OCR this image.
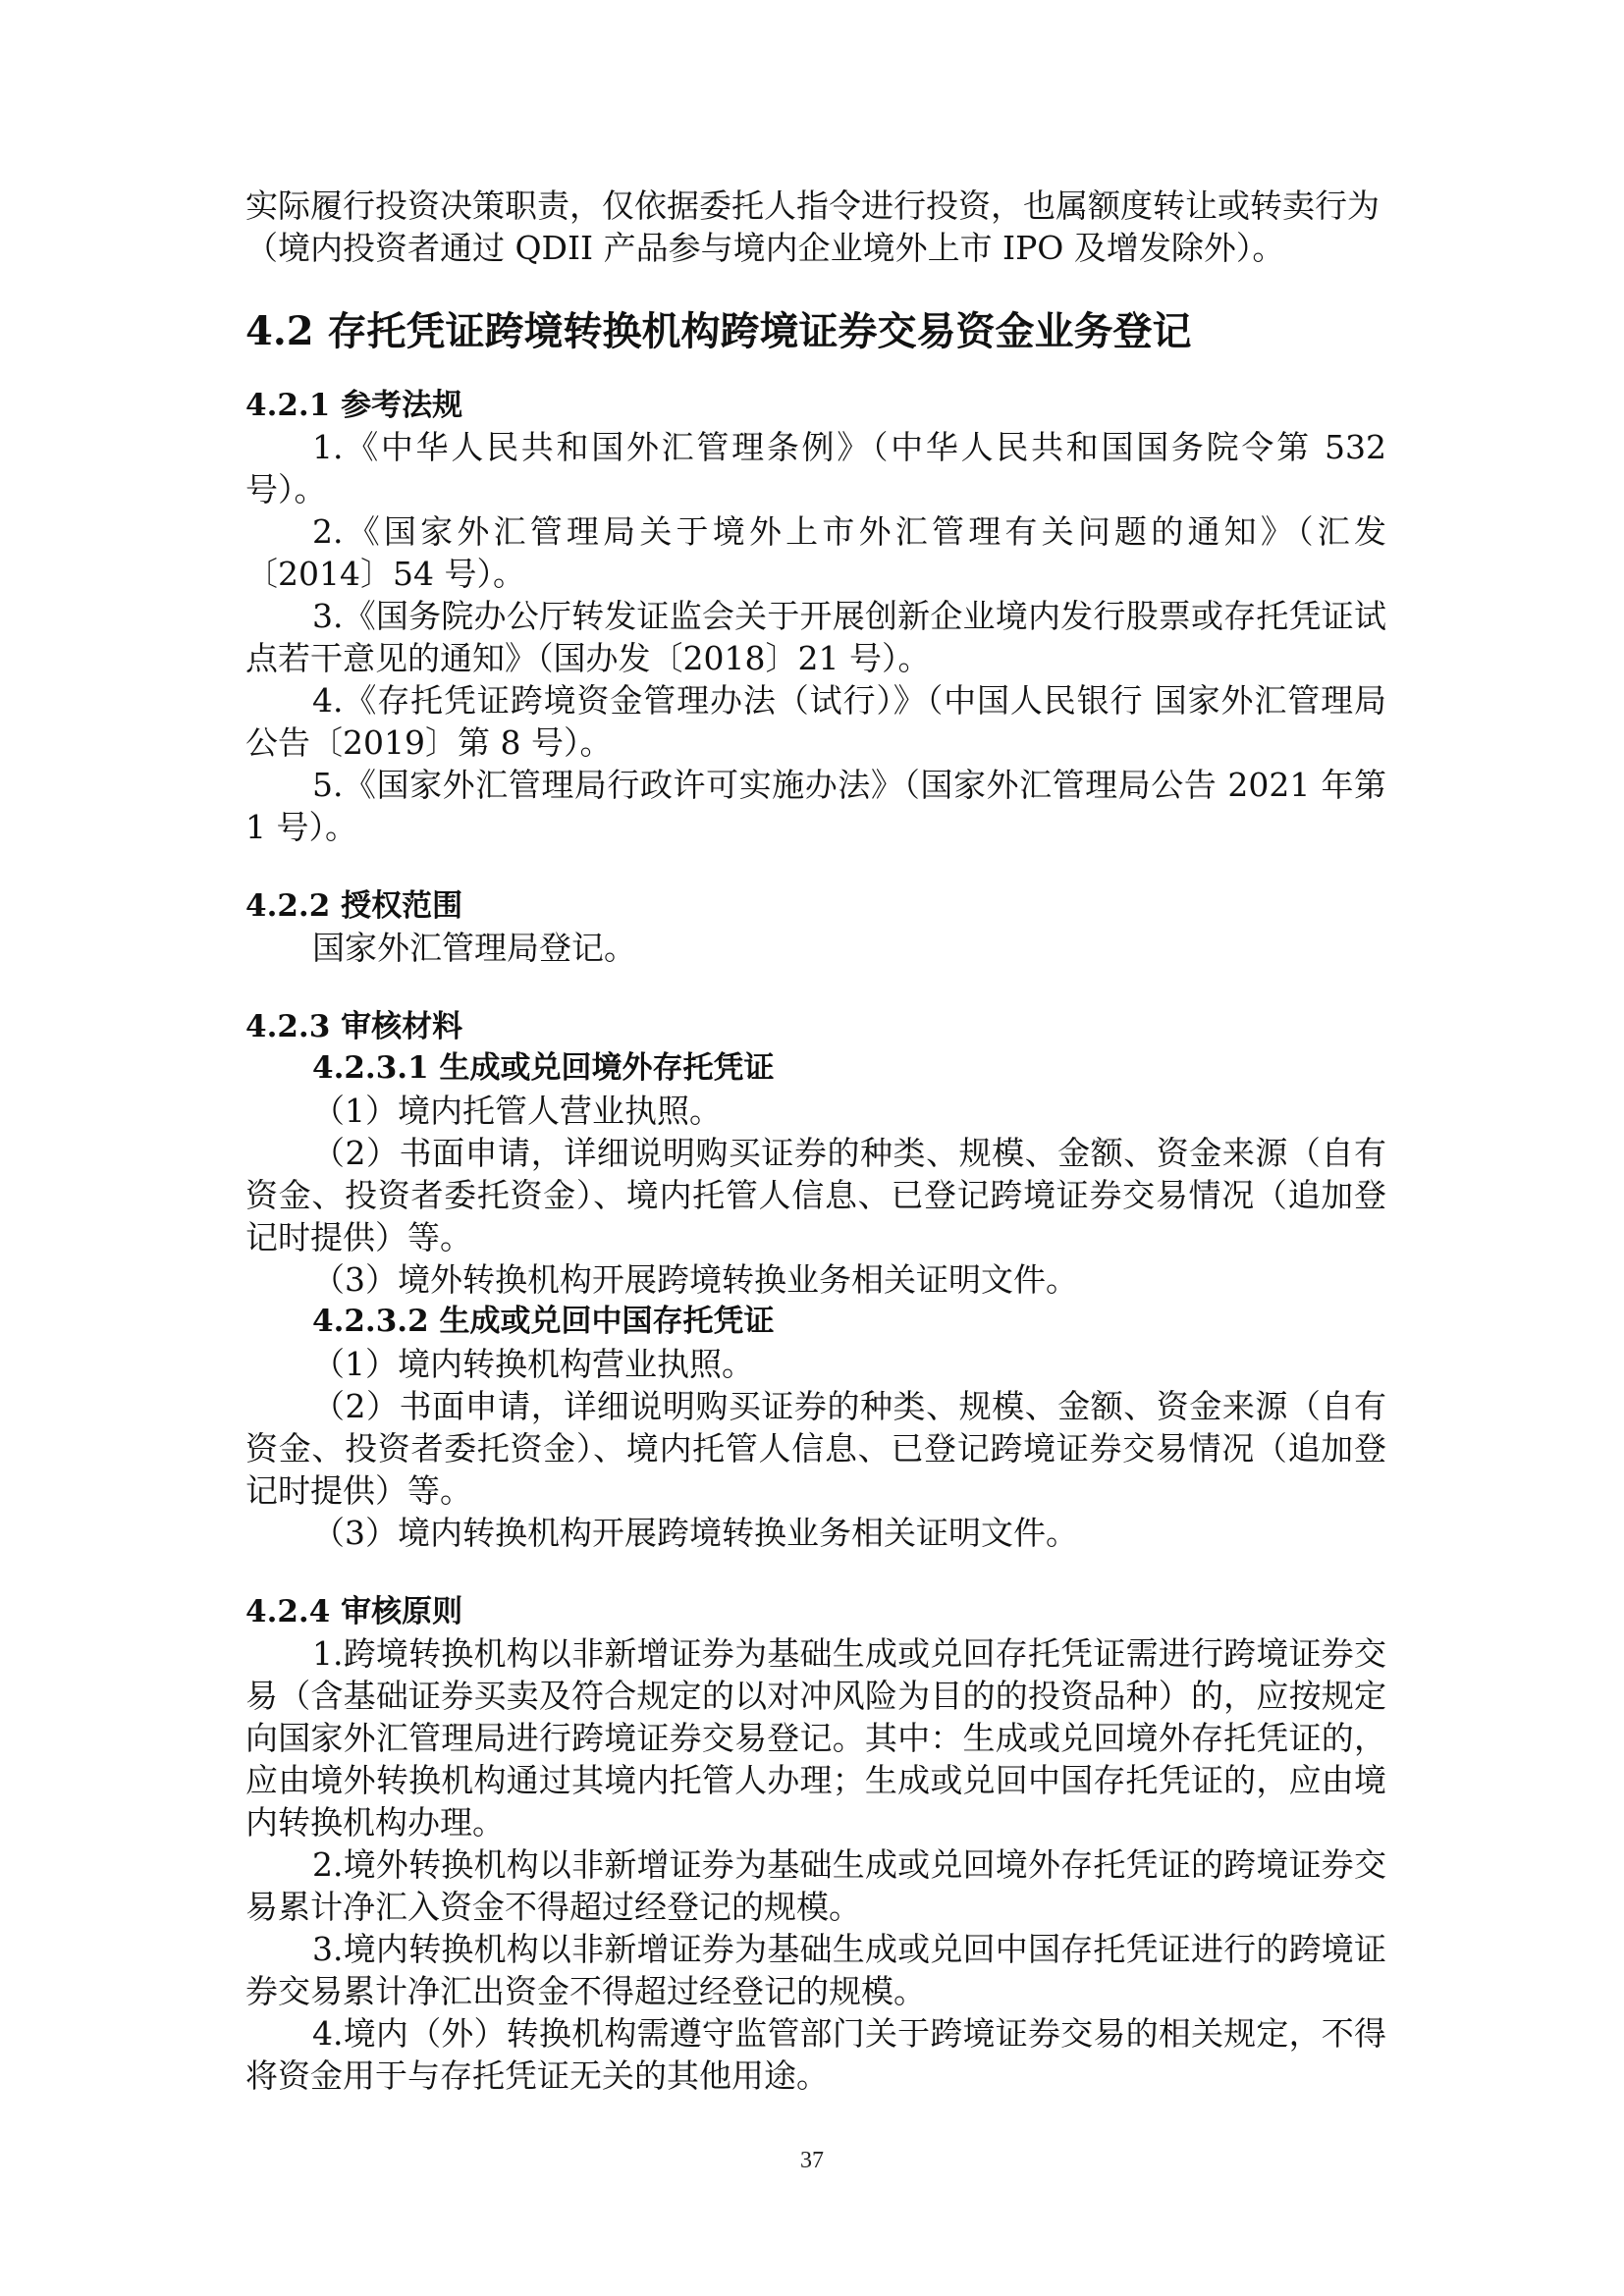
实际履行投资决策职责，仅依据委托人指令进行投资，也属额度转让或转卖行为

（境内投资者通过 QDII 产品参与境内企业境外上市 IPO 及增发除外）。

4.2 存托凭证跨境转换机构跨境证券交易资金业务登记
4.2.1 参考法规

1.《中华人民共和国外汇管理条例》（中华人民共和国国务院令第 532 号）。

2.《国家外汇管理局关于境外上市外汇管理有关问题的通知》（汇发〔2014〕54 号）。

3.《国务院办公厅转发证监会关于开展创新企业境内发行股票或存托凭证试点若干意见的通知》（国办发〔2018〕21 号）。

4.《存托凭证跨境资金管理办法（试行）》（中国人民银行 国家外汇管理局公告〔2019〕第 8 号）。

5.《国家外汇管理局行政许可实施办法》（国家外汇管理局公告 2021 年第 1 号）。

4.2.2 授权范围

国家外汇管理局登记。

4.2.3 审核材料
4.2.3.1 生成或兑回境外存托凭证

（1）境内托管人营业执照。

（2）书面申请，详细说明购买证券的种类、规模、金额、资金来源（自有资金、投资者委托资金）、境内托管人信息、已登记跨境证券交易情况（追加登记时提供）等。

（3）境外转换机构开展跨境转换业务相关证明文件。

4.2.3.2 生成或兑回中国存托凭证

（1）境内转换机构营业执照。

（2）书面申请，详细说明购买证券的种类、规模、金额、资金来源（自有资金、投资者委托资金）、境内托管人信息、已登记跨境证券交易情况（追加登记时提供）等。

（3）境内转换机构开展跨境转换业务相关证明文件。

4.2.4 审核原则

1.跨境转换机构以非新增证券为基础生成或兑回存托凭证需进行跨境证券交易（含基础证券买卖及符合规定的以对冲风险为目的的投资品种）的，应按规定向国家外汇管理局进行跨境证券交易登记。其中：生成或兑回境外存托凭证的，应由境外转换机构通过其境内托管人办理；生成或兑回中国存托凭证的，应由境内转换机构办理。

2.境外转换机构以非新增证券为基础生成或兑回境外存托凭证的跨境证券交易累计净汇入资金不得超过经登记的规模。

3.境内转换机构以非新增证券为基础生成或兑回中国存托凭证进行的跨境证券交易累计净汇出资金不得超过经登记的规模。

4.境内（外）转换机构需遵守监管部门关于跨境证券交易的相关规定，不得将资金用于与存托凭证无关的其他用途。

37
